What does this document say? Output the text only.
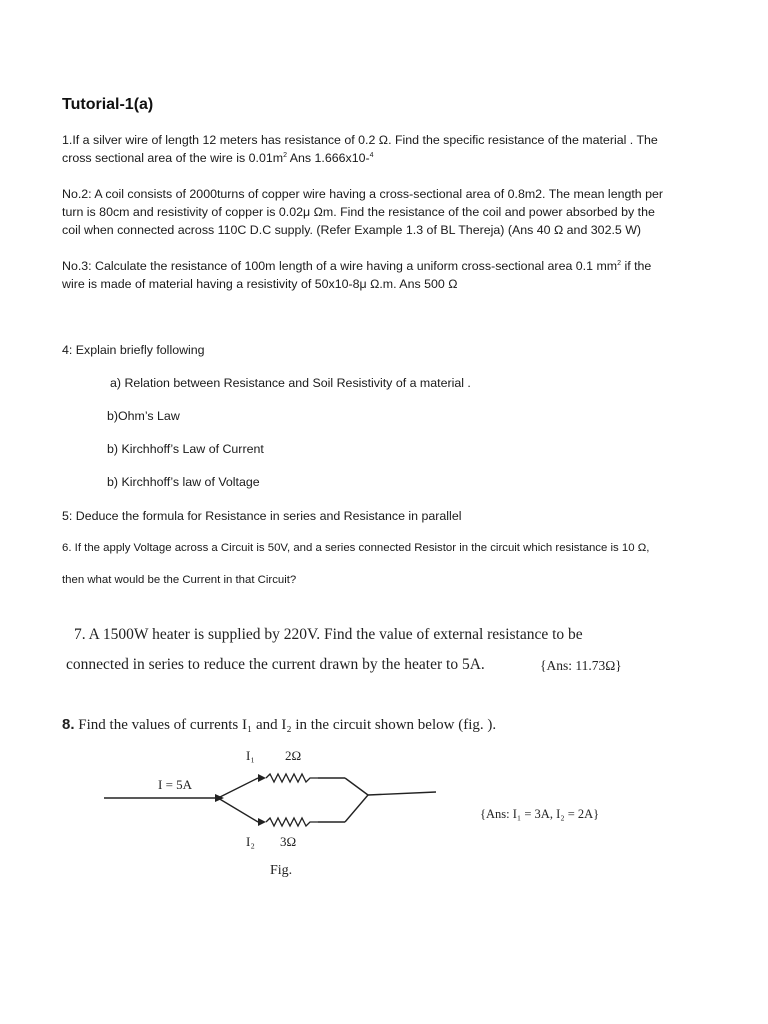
Tutorial-1(a)
1.If a silver wire of length 12 meters has resistance of 0.2 Ω. Find the specific resistance of the material . The
cross sectional area of the wire is $0.01m^2$ Ans 1.666x10-$^4$
No.2: A coil consists of 2000turns of copper wire having a cross-sectional area of 0.8m2. The mean length per
turn is 80cm and resistivity of copper is 0.02μ Ωm. Find the resistance of the coil and power absorbed by the
coil when connected across 110C D.C supply. (Refer Example 1.3 of BL Thereja) (Ans 40 Ω and 302.5 W)
No.3: Calculate the resistance of 100m length of a wire having a uniform cross-sectional area 0.1 $mm^2$ if the
wire is made of material having a resistivity of 50x10-8μ Ω.m. Ans 500 Ω
4: Explain briefly following
a) Relation between Resistance and Soil Resistivity of a material .
b)Ohm’s Law
b) Kirchhoff’s Law of Current
b) Kirchhoff’s law of Voltage
5: Deduce the formula for Resistance in series and Resistance in parallel
6. If the apply Voltage across a Circuit is 50V, and a series connected Resistor in the circuit which resistance is 10 Ω,
then what would be the Current in that Circuit?
7. A 1500W heater is supplied by 220V. Find the value of external resistance to be
connected in series to reduce the current drawn by the heater to 5A.	{Ans: 11.73Ω}
8. Find the values of currents I₁ and I₂ in the circuit shown below (fig. ).
I₁ 2Ω
I = 5A
I₂ 3Ω
Fig.
{Ans: I₁ = 3A, I₂ = 2A}
